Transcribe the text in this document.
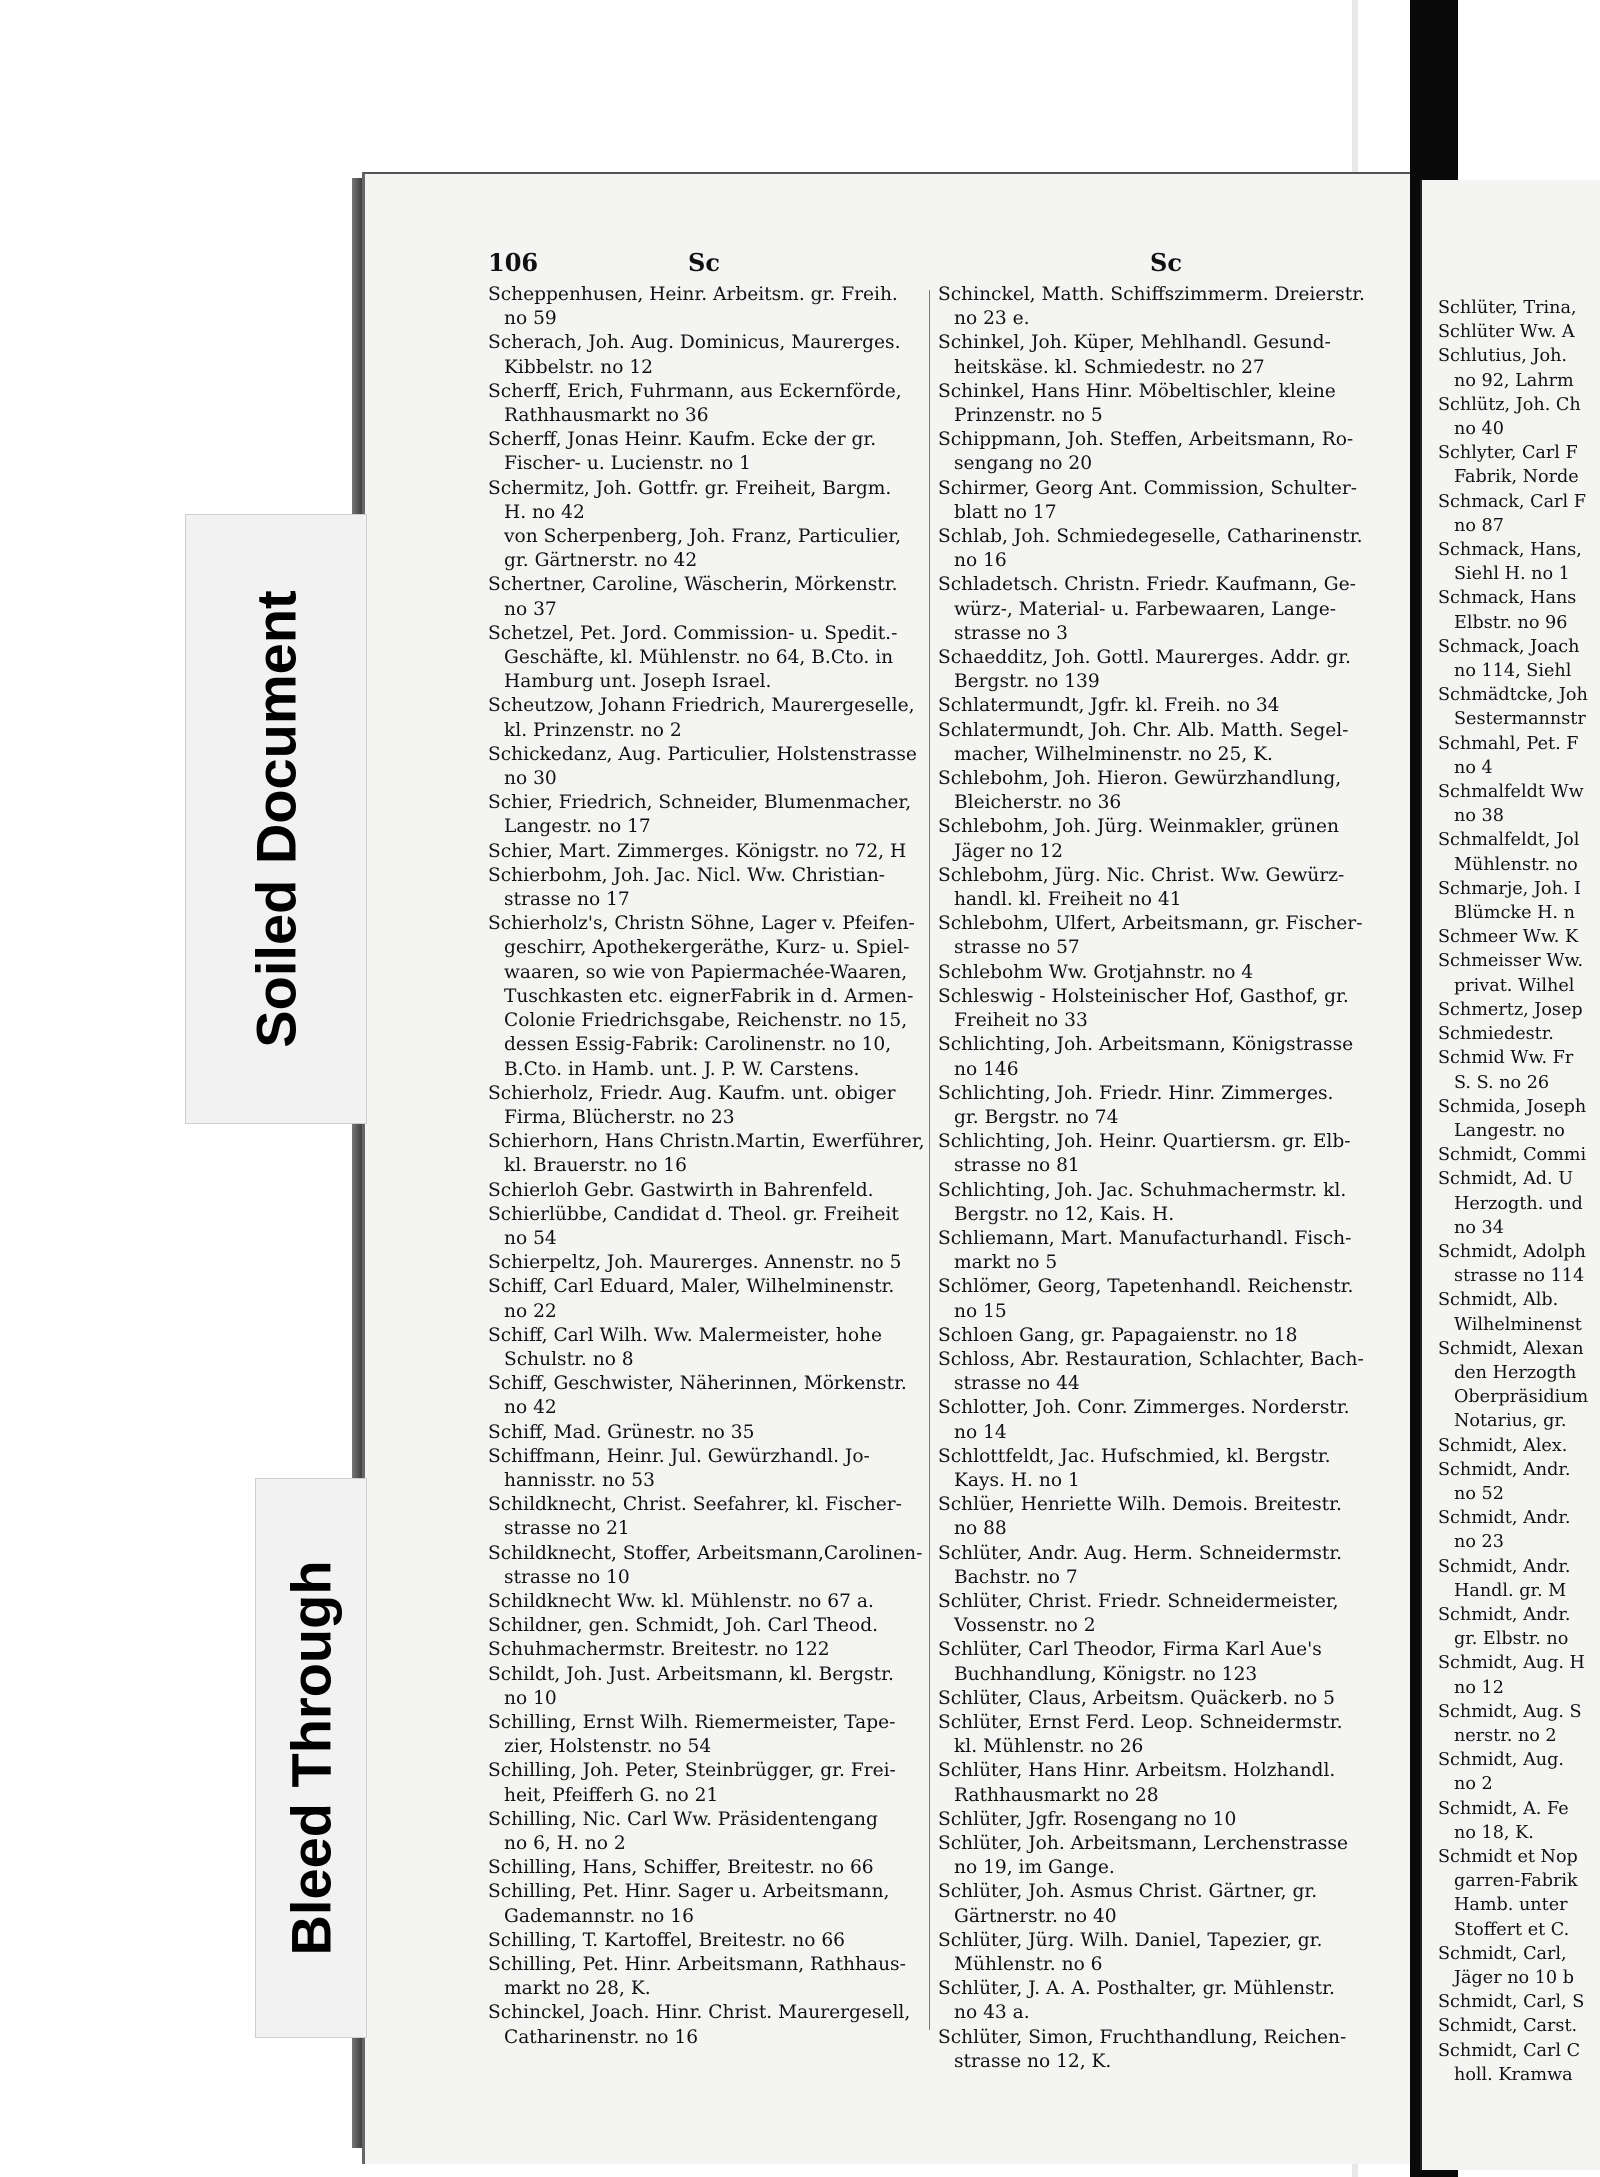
106	Sc	Sc
Scheppenhusen, Heinr. Arbeitsm. gr. Freih.
no 59
Scherach, Joh. Aug. Dominicus, Maurerges.
Kibbelstr. no 12
Scherff, Erich, Fuhrmann, aus Eckernförde,
Rathhausmarkt no 36
Scherff, Jonas Heinr. Kaufm. Ecke der gr.
Fischer- u. Lucienstr. no 1
Schermitz, Joh. Gottfr. gr. Freiheit, Bargm.
H. no 42
von Scherpenberg, Joh. Franz, Particulier,
gr. Gärtnerstr. no 42
Schertner, Caroline, Wäscherin, Mörkenstr.
no 37
Schetzel, Pet. Jord. Commission- u. Spedit.-
Geschäfte, kl. Mühlenstr. no 64, B.Cto. in
Hamburg unt. Joseph Israel.
Scheutzow, Johann Friedrich, Maurergeselle,
kl. Prinzenstr. no 2
Schickedanz, Aug. Particulier, Holstenstrasse
no 30
Schier, Friedrich, Schneider, Blumenmacher,
Langestr. no 17
Schier, Mart. Zimmerges. Königstr. no 72, H
Schierbohm, Joh. Jac. Nicl. Ww. Christian-
strasse no 17
Schierholz's, Christn Söhne, Lager v. Pfeifen-
geschirr, Apothekergeräthe, Kurz- u. Spiel-
waaren, so wie von Papiermachée-Waaren,
Tuschkasten etc. eignerFabrik in d. Armen-
Colonie Friedrichsgabe, Reichenstr. no 15,
dessen Essig-Fabrik: Carolinenstr. no 10,
B.Cto. in Hamb. unt. J. P. W. Carstens.
Schierholz, Friedr. Aug. Kaufm. unt. obiger
Firma, Blücherstr. no 23
Schierhorn, Hans Christn.Martin, Ewerführer,
kl. Brauerstr. no 16
Schierloh Gebr. Gastwirth in Bahrenfeld.
Schierlübbe, Candidat d. Theol. gr. Freiheit
no 54
Schierpeltz, Joh. Maurerges. Annenstr. no 5
Schiff, Carl Eduard, Maler, Wilhelminenstr.
no 22
Schiff, Carl Wilh. Ww. Malermeister, hohe
Schulstr. no 8
Schiff, Geschwister, Näherinnen, Mörkenstr.
no 42
Schiff, Mad. Grünestr. no 35
Schiffmann, Heinr. Jul. Gewürzhandl. Jo-
hannisstr. no 53
Schildknecht, Christ. Seefahrer, kl. Fischer-
strasse no 21
Schildknecht, Stoffer, Arbeitsmann,Carolinen-
strasse no 10
Schildknecht Ww. kl. Mühlenstr. no 67 a.
Schildner, gen. Schmidt, Joh. Carl Theod.
Schuhmachermstr. Breitestr. no 122
Schildt, Joh. Just. Arbeitsmann, kl. Bergstr.
no 10
Schilling, Ernst Wilh. Riemermeister, Tape-
zier, Holstenstr. no 54
Schilling, Joh. Peter, Steinbrügger, gr. Frei-
heit, Pfeifferh G. no 21
Schilling, Nic. Carl Ww. Präsidentengang
no 6, H. no 2
Schilling, Hans, Schiffer, Breitestr. no 66
Schilling, Pet. Hinr. Sager u. Arbeitsmann,
Gademannstr. no 16
Schilling, T. Kartoffel, Breitestr. no 66
Schilling, Pet. Hinr. Arbeitsmann, Rathhaus-
markt no 28, K.
Schinckel, Joach. Hinr. Christ. Maurergesell,
Catharinenstr. no 16
Schinckel, Matth. Schiffszimmerm. Dreierstr.
no 23 e.
Schinkel, Joh. Küper, Mehlhandl. Gesund-
heitskäse. kl. Schmiedestr. no 27
Schinkel, Hans Hinr. Möbeltischler, kleine
Prinzenstr. no 5
Schippmann, Joh. Steffen, Arbeitsmann, Ro-
sengang no 20
Schirmer, Georg Ant. Commission, Schulter-
blatt no 17
Schlab, Joh. Schmiedegeselle, Catharinenstr.
no 16
Schladetsch. Christn. Friedr. Kaufmann, Ge-
würz-, Material- u. Farbewaaren, Lange-
strasse no 3
Schaedditz, Joh. Gottl. Maurerges. Addr. gr.
Bergstr. no 139
Schlatermundt, Jgfr. kl. Freih. no 34
Schlatermundt, Joh. Chr. Alb. Matth. Segel-
macher, Wilhelminenstr. no 25, K.
Schlebohm, Joh. Hieron. Gewürzhandlung,
Bleicherstr. no 36
Schlebohm, Joh. Jürg. Weinmakler, grünen
Jäger no 12
Schlebohm, Jürg. Nic. Christ. Ww. Gewürz-
handl. kl. Freiheit no 41
Schlebohm, Ulfert, Arbeitsmann, gr. Fischer-
strasse no 57
Schlebohm Ww. Grotjahnstr. no 4
Schleswig - Holsteinischer Hof, Gasthof, gr.
Freiheit no 33
Schlichting, Joh. Arbeitsmann, Königstrasse
no 146
Schlichting, Joh. Friedr. Hinr. Zimmerges.
gr. Bergstr. no 74
Schlichting, Joh. Heinr. Quartiersm. gr. Elb-
strasse no 81
Schlichting, Joh. Jac. Schuhmachermstr. kl.
Bergstr. no 12, Kais. H.
Schliemann, Mart. Manufacturhandl. Fisch-
markt no 5
Schlömer, Georg, Tapetenhandl. Reichenstr.
no 15
Schloen Gang, gr. Papagaienstr. no 18
Schloss, Abr. Restauration, Schlachter, Bach-
strasse no 44
Schlotter, Joh. Conr. Zimmerges. Norderstr.
no 14
Schlottfeldt, Jac. Hufschmied, kl. Bergstr.
Kays. H. no 1
Schlüer, Henriette Wilh. Demois. Breitestr.
no 88
Schlüter, Andr. Aug. Herm. Schneidermstr.
Bachstr. no 7
Schlüter, Christ. Friedr. Schneidermeister,
Vossenstr. no 2
Schlüter, Carl Theodor, Firma Karl Aue's
Buchhandlung, Königstr. no 123
Schlüter, Claus, Arbeitsm. Quäckerb. no 5
Schlüter, Ernst Ferd. Leop. Schneidermstr.
kl. Mühlenstr. no 26
Schlüter, Hans Hinr. Arbeitsm. Holzhandl.
Rathhausmarkt no 28
Schlüter, Jgfr. Rosengang no 10
Schlüter, Joh. Arbeitsmann, Lerchenstrasse
no 19, im Gange.
Schlüter, Joh. Asmus Christ. Gärtner, gr.
Gärtnerstr. no 40
Schlüter, Jürg. Wilh. Daniel, Tapezier, gr.
Mühlenstr. no 6
Schlüter, J. A. A. Posthalter, gr. Mühlenstr.
no 43 a.
Schlüter, Simon, Fruchthandlung, Reichen-
strasse no 12, K.
Schlüter, Trina,
Schlüter Ww. A
Schlutius, Joh.
no 92, Lahrm
Schlütz, Joh. Ch
no 40
Schlyter, Carl F
Fabrik, Norde
Schmack, Carl F
no 87
Schmack, Hans,
Siehl H. no 1
Schmack, Hans
Elbstr. no 96
Schmack, Joach
no 114, Siehl
Schmädtcke, Joh
Sestermannstr
Schmahl, Pet. F
no 4
Schmalfeldt Ww
no 38
Schmalfeldt, Jol
Mühlenstr. no
Schmarje, Joh. I
Blümcke H. n
Schmeer Ww. K
Schmeisser Ww.
privat. Wilhel
Schmertz, Josep
Schmiedestr.
Schmid Ww. Fr
S. S. no 26
Schmida, Joseph
Langestr. no
Schmidt, Commi
Schmidt, Ad. U
Herzogth. und
no 34
Schmidt, Adolph
strasse no 114
Schmidt, Alb.
Wilhelminenst
Schmidt, Alexan
den Herzogth
Oberpräsidium
Notarius, gr.
Schmidt, Alex.
Schmidt, Andr.
no 52
Schmidt, Andr.
no 23
Schmidt, Andr.
Handl. gr. M
Schmidt, Andr.
gr. Elbstr. no
Schmidt, Aug. H
no 12
Schmidt, Aug. S
nerstr. no 2
Schmidt, Aug.
no 2
Schmidt, A. Fe
no 18, K.
Schmidt et Nop
garren-Fabrik
Hamb. unter
Stoffert et C.
Schmidt, Carl,
Jäger no 10 b
Schmidt, Carl, S
Schmidt, Carst.
Schmidt, Carl C
holl. Kramwa
Soiled Document
Bleed Through
